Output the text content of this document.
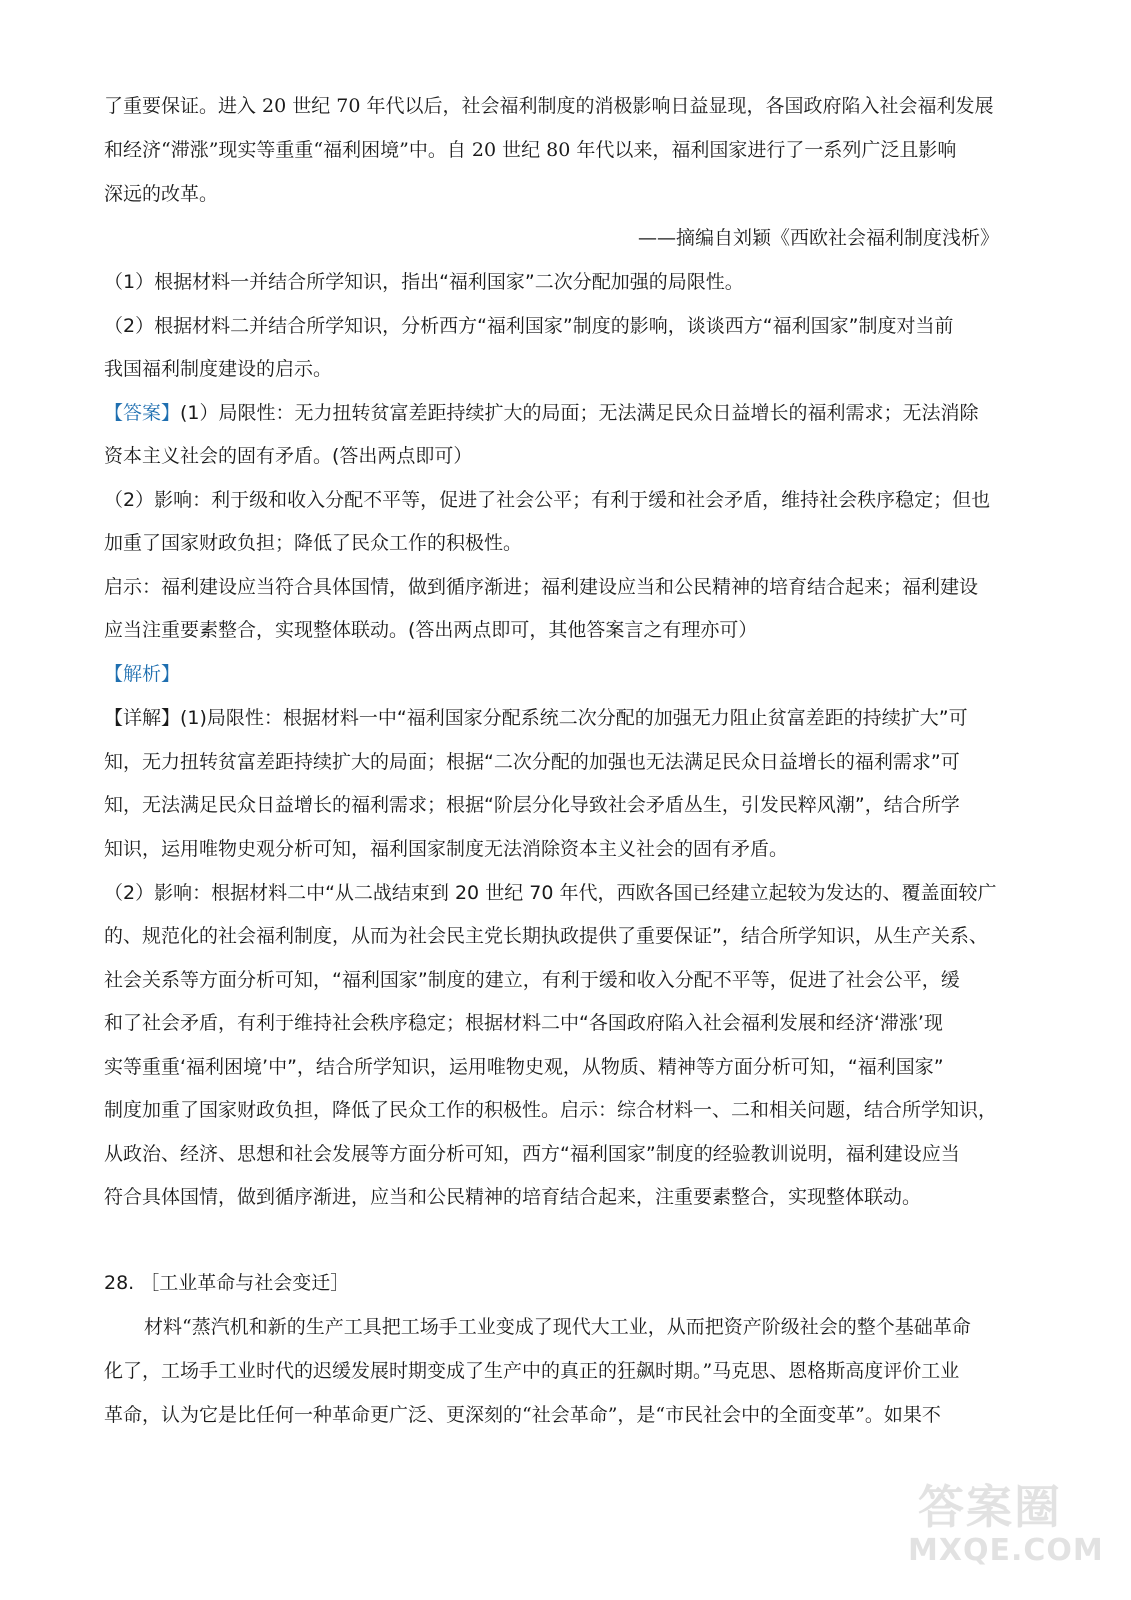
了重要保证。进入 20 世纪 70 年代以后，社会福利制度的消极影响日益显现，各国政府陷入社会福利发展
和经济“滞涨”现实等重重“福利困境”中。自 20 世纪 80 年代以来，福利国家进行了一系列广泛且影响
深远的改革。
——摘编自刘颖《西欧社会福利制度浅析》
（1）根据材料一并结合所学知识，指出“福利国家”二次分配加强的局限性。
（2）根据材料二并结合所学知识，分析西方“福利国家”制度的影响，谈谈西方“福利国家”制度对当前
我国福利制度建设的启示。
【答案】(1）局限性：无力扭转贫富差距持续扩大的局面；无法满足民众日益增长的福利需求；无法消除
资本主义社会的固有矛盾。(答出两点即可）
（2）影响：利于级和收入分配不平等，促进了社会公平；有利于缓和社会矛盾，维持社会秩序稳定；但也
加重了国家财政负担；降低了民众工作的积极性。
启示：福利建设应当符合具体国情，做到循序渐进；福利建设应当和公民精神的培育结合起来；福利建设
应当注重要素整合，实现整体联动。(答出两点即可，其他答案言之有理亦可）
【解析】
【详解】(1)局限性：根据材料一中“福利国家分配系统二次分配的加强无力阻止贫富差距的持续扩大”可
知，无力扭转贫富差距持续扩大的局面；根据“二次分配的加强也无法满足民众日益增长的福利需求”可
知，无法满足民众日益增长的福利需求；根据“阶层分化导致社会矛盾丛生，引发民粹风潮”，结合所学
知识，运用唯物史观分析可知，福利国家制度无法消除资本主义社会的固有矛盾。
（2）影响：根据材料二中“从二战结束到 20 世纪 70 年代，西欧各国已经建立起较为发达的、覆盖面较广
的、规范化的社会福利制度，从而为社会民主党长期执政提供了重要保证”，结合所学知识，从生产关系、
社会关系等方面分析可知，“福利国家”制度的建立，有利于缓和收入分配不平等，促进了社会公平，缓
和了社会矛盾，有利于维持社会秩序稳定；根据材料二中“各国政府陷入社会福利发展和经济‘滞涨’现
实等重重‘福利困境’中”，结合所学知识，运用唯物史观，从物质、精神等方面分析可知，“福利国家”
制度加重了国家财政负担，降低了民众工作的积极性。启示：综合材料一、二和相关问题，结合所学知识，
从政治、经济、思想和社会发展等方面分析可知，西方“福利国家”制度的经验教训说明，福利建设应当
符合具体国情，做到循序渐进，应当和公民精神的培育结合起来，注重要素整合，实现整体联动。
28. ［工业革命与社会变迁］
材料“蒸汽机和新的生产工具把工场手工业变成了现代大工业，从而把资产阶级社会的整个基础革命
化了，工场手工业时代的迟缓发展时期变成了生产中的真正的狂飙时期。”马克思、恩格斯高度评价工业
革命，认为它是比任何一种革命更广泛、更深刻的“社会革命”，是“市民社会中的全面变革”。如果不
答案圈
MXQE.COM
